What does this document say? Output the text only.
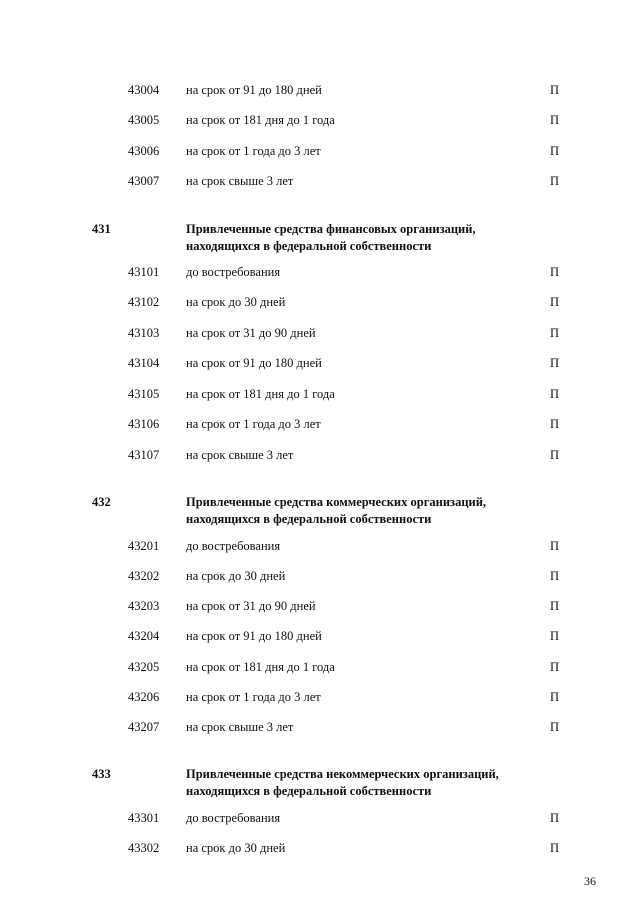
43004 на срок от 91 до 180 дней	П
43005 на срок от 181 дня до 1 года	П
43006 на срок от 1 года до 3 лет	П
43007 на срок свыше 3 лет	П
431	Привлеченные средства финансовых организаций,
находящихся в федеральной собственности
43101 до востребования	П
43102 на срок до 30 дней	П
43103 на срок от 31 до 90 дней	П
43104 на срок от 91 до 180 дней	П
43105 на срок от 181 дня до 1 года	П
43106 на срок от 1 года до 3 лет	П
43107 на срок свыше 3 лет	П
432	Привлеченные средства коммерческих организаций,
находящихся в федеральной собственности
43201 до востребования	П
43202 на срок до 30 дней	П
43203 на срок от 31 до 90 дней	П
43204 на срок от 91 до 180 дней	П
43205 на срок от 181 дня до 1 года	П
43206 на срок от 1 года до 3 лет	П
43207 на срок свыше 3 лет	П
433	Привлеченные средства некоммерческих организаций,
находящихся в федеральной собственности
43301 до востребования	П
43302 на срок до 30 дней	П
36
